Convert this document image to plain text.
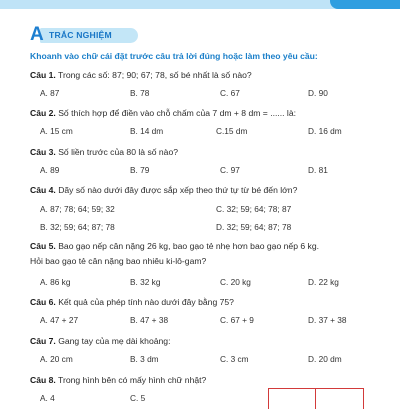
A TRẮC NGHIỆM
Khoanh vào chữ cái đặt trước câu trả lời đúng hoặc làm theo yêu cầu:
Câu 1. Trong các số: 87; 90; 67; 78, số bé nhất là số nào?
A. 87	B. 78	C. 67	D. 90
Câu 2. Số thích hợp để điền vào chỗ chấm của 7 dm + 8 dm = ...... là:
A. 15 cm	B. 14 dm	C.15 dm	D. 16 dm
Câu 3. Số liền trước của 80 là số nào?
A. 89	B. 79	C. 97	D. 81
Câu 4. Dãy số nào dưới đây được sắp xếp theo thứ tự từ bé đến lớn?
A. 87; 78; 64; 59; 32	C. 32; 59; 64; 78; 87
B. 32; 59; 64; 87; 78	D. 32; 59; 64; 87; 78
Câu 5. Bao gạo nếp cân nặng 26 kg, bao gạo tẻ nhẹ hơn bao gạo nếp 6 kg.
Hỏi bao gạo tẻ cân nặng bao nhiêu ki-lô-gam?
A. 86 kg	B. 32 kg	C. 20 kg	D. 22 kg
Câu 6. Kết quả của phép tính nào dưới đây bằng 75?
A. 47 + 27	B. 47 + 38	C. 67 + 9	D. 37 + 38
Câu 7. Gang tay của mẹ dài khoảng:
A. 20 cm	B. 3 dm	C. 3 cm	D. 20 dm
Câu 8. Trong hình bên có mấy hình chữ nhật?
A. 4	C. 5
